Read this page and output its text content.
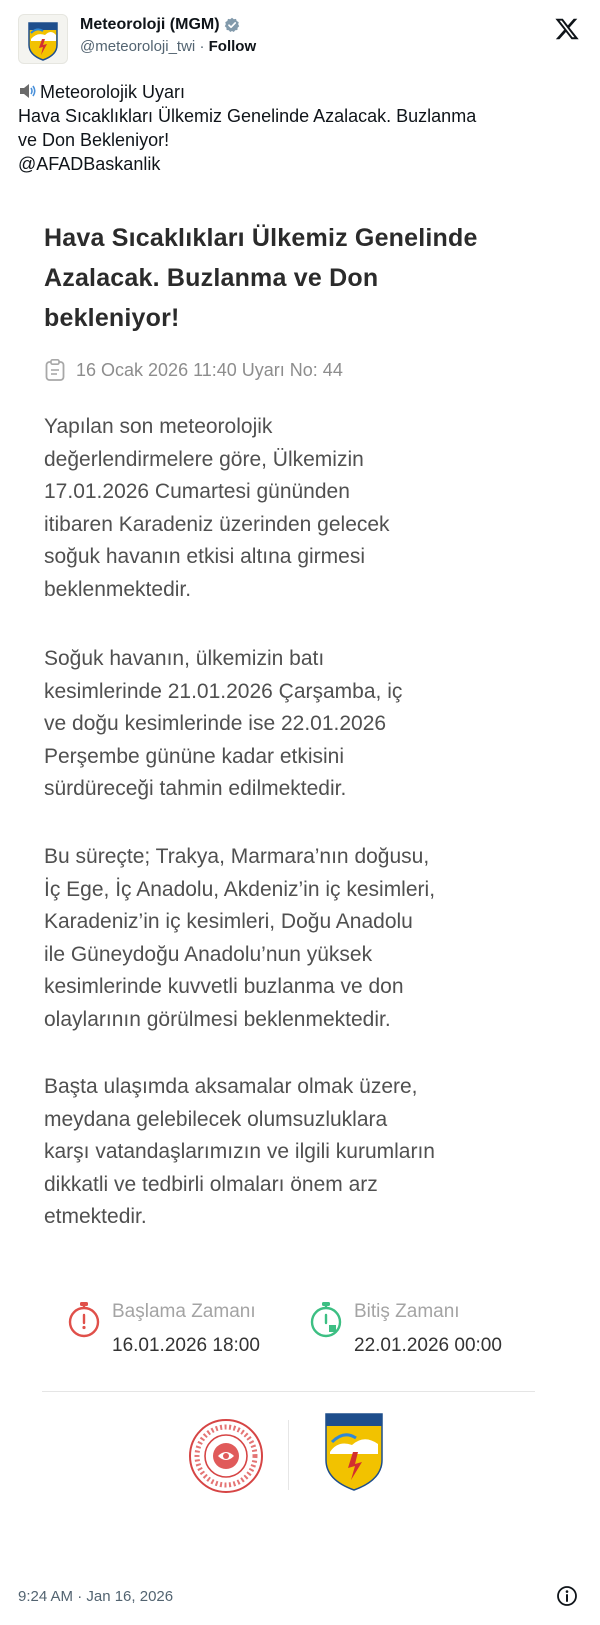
Meteoroloji (MGM)
@meteoroloji_twi · Follow
Meteorolojik Uyarı
Hava Sıcaklıkları Ülkemiz Genelinde Azalacak. Buzlanma
ve Don Bekleniyor!
@AFADBaskanlik
Hava Sıcaklıkları Ülkemiz Genelinde
Azalacak. Buzlanma ve Don
bekleniyor!
16 Ocak 2026 11:40 Uyarı No: 44
Yapılan son meteorolojik
değerlendirmelere göre, Ülkemizin
17.01.2026 Cumartesi gününden
itibaren Karadeniz üzerinden gelecek
soğuk havanın etkisi altına girmesi
beklenmektedir.
Soğuk havanın, ülkemizin batı
kesimlerinde 21.01.2026 Çarşamba, iç
ve doğu kesimlerinde ise 22.01.2026
Perşembe gününe kadar etkisini
sürdüreceği tahmin edilmektedir.
Bu süreçte; Trakya, Marmara’nın doğusu,
İç Ege, İç Anadolu, Akdeniz’in iç kesimleri,
Karadeniz’in iç kesimleri, Doğu Anadolu
ile Güneydoğu Anadolu’nun yüksek
kesimlerinde kuvvetli buzlanma ve don
olaylarının görülmesi beklenmektedir.
Başta ulaşımda aksamalar olmak üzere,
meydana gelebilecek olumsuzluklara
karşı vatandaşlarımızın ve ilgili kurumların
dikkatli ve tedbirli olmaları önem arz
etmektedir.
Başlama Zamanı
16.01.2026 18:00
Bitiş Zamanı
22.01.2026 00:00
9:24 AM · Jan 16, 2026
